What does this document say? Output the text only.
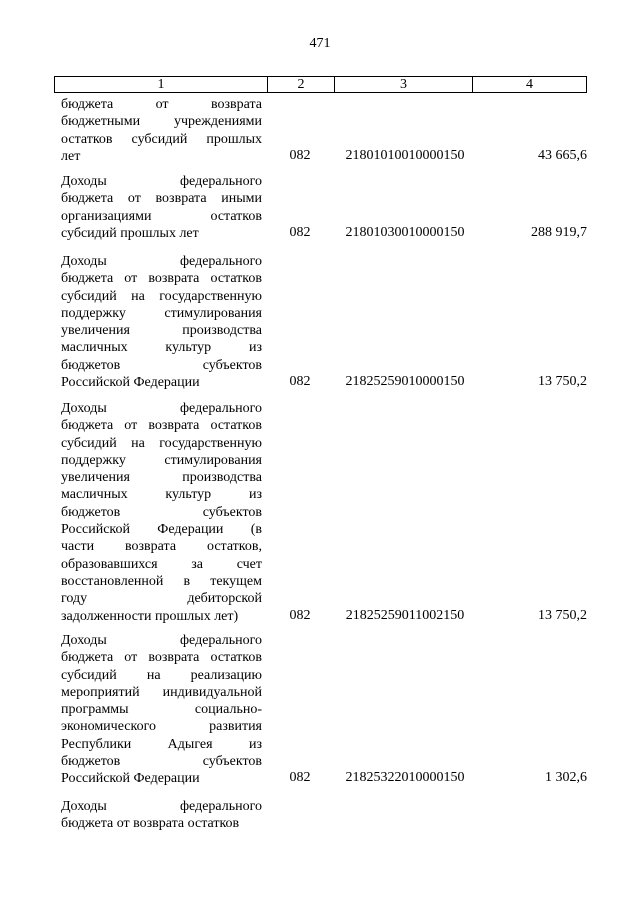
471
1	2	3	4
бюджета от возврата
бюджетными учреждениями
остатков субсидий прошлых
лет	082	21801010010000150	43 665,6
Доходы федерального
бюджета от возврата иными
организациями остатков
субсидий прошлых лет	082	21801030010000150	288 919,7
Доходы федерального
бюджета от возврата остатков
субсидий на государственную
поддержку стимулирования
увеличения производства
масличных культур из
бюджетов субъектов
Российской Федерации	082	21825259010000150	13 750,2
Доходы федерального
бюджета от возврата остатков
субсидий на государственную
поддержку стимулирования
увеличения производства
масличных культур из
бюджетов субъектов
Российской Федерации (в
части возврата остатков,
образовавшихся за счет
восстановленной в текущем
году дебиторской
задолженности прошлых лет)	082	21825259011002150	13 750,2
Доходы федерального
бюджета от возврата остатков
субсидий на реализацию
мероприятий индивидуальной
программы социально-
экономического развития
Республики Адыгея из
бюджетов субъектов
Российской Федерации	082	21825322010000150	1 302,6
Доходы федерального
бюджета от возврата остатков
